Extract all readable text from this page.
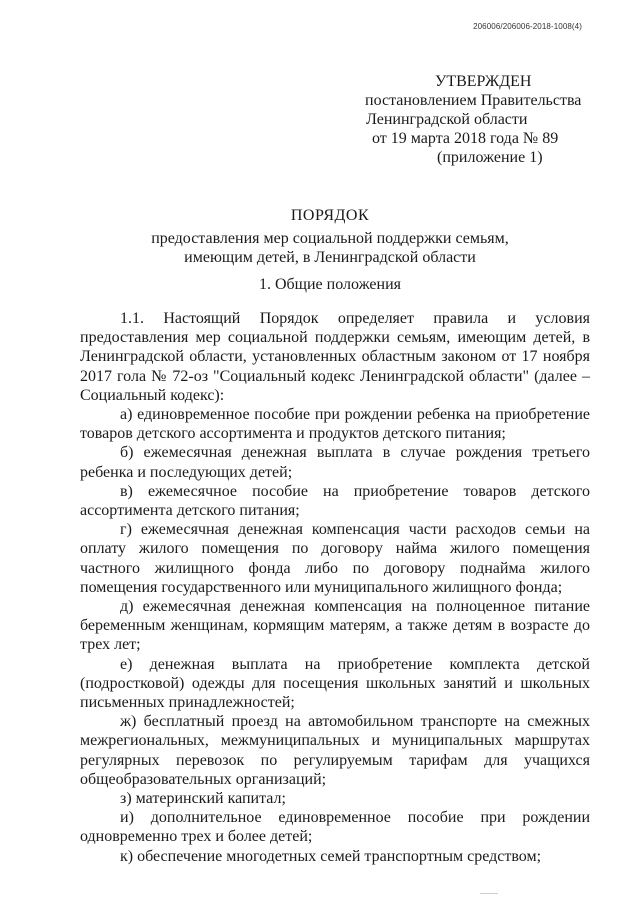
206006/206006-2018-1008(4)
УТВЕРЖДЕН
постановлением Правительства
Ленинградской области
от 19 марта 2018 года № 89
(приложение 1)
ПОРЯДОК
предоставления мер социальной поддержки семьям,
имеющим детей, в Ленинградской области
1. Общие положения

1.1. Настоящий Порядок определяет правила и условия предоставления мер социальной поддержки семьям, имеющим детей, в Ленинградской области, установленных областным законом от 17 ноября 2017 гола № 72-оз "Социальный кодекс Ленинградской области" (далее – Социальный кодекс):

а) единовременное пособие при рождении ребенка на приобретение товаров детского ассортимента и продуктов детского питания;

б) ежемесячная денежная выплата в случае рождения третьего ребенка и последующих детей;

в) ежемесячное пособие на приобретение товаров детского ассортимента детского питания;

г) ежемесячная денежная компенсация части расходов семьи на оплату жилого помещения по договору найма жилого помещения частного жилищного фонда либо по договору поднайма жилого помещения государственного или муниципального жилищного фонда;

д) ежемесячная денежная компенсация на полноценное питание беременным женщинам, кормящим матерям, а также детям в возрасте до трех лет;

е) денежная выплата на приобретение комплекта детской (подростковой) одежды для посещения школьных занятий и школьных письменных принадлежностей;

ж) бесплатный проезд на автомобильном транспорте на смежных межрегиональных, межмуниципальных и муниципальных маршрутах регулярных перевозок по регулируемым тарифам для учащихся общеобразовательных организаций;

з) материнский капитал;

и) дополнительное единовременное пособие при рождении одновременно трех и более детей;

к) обеспечение многодетных семей транспортным средством;
